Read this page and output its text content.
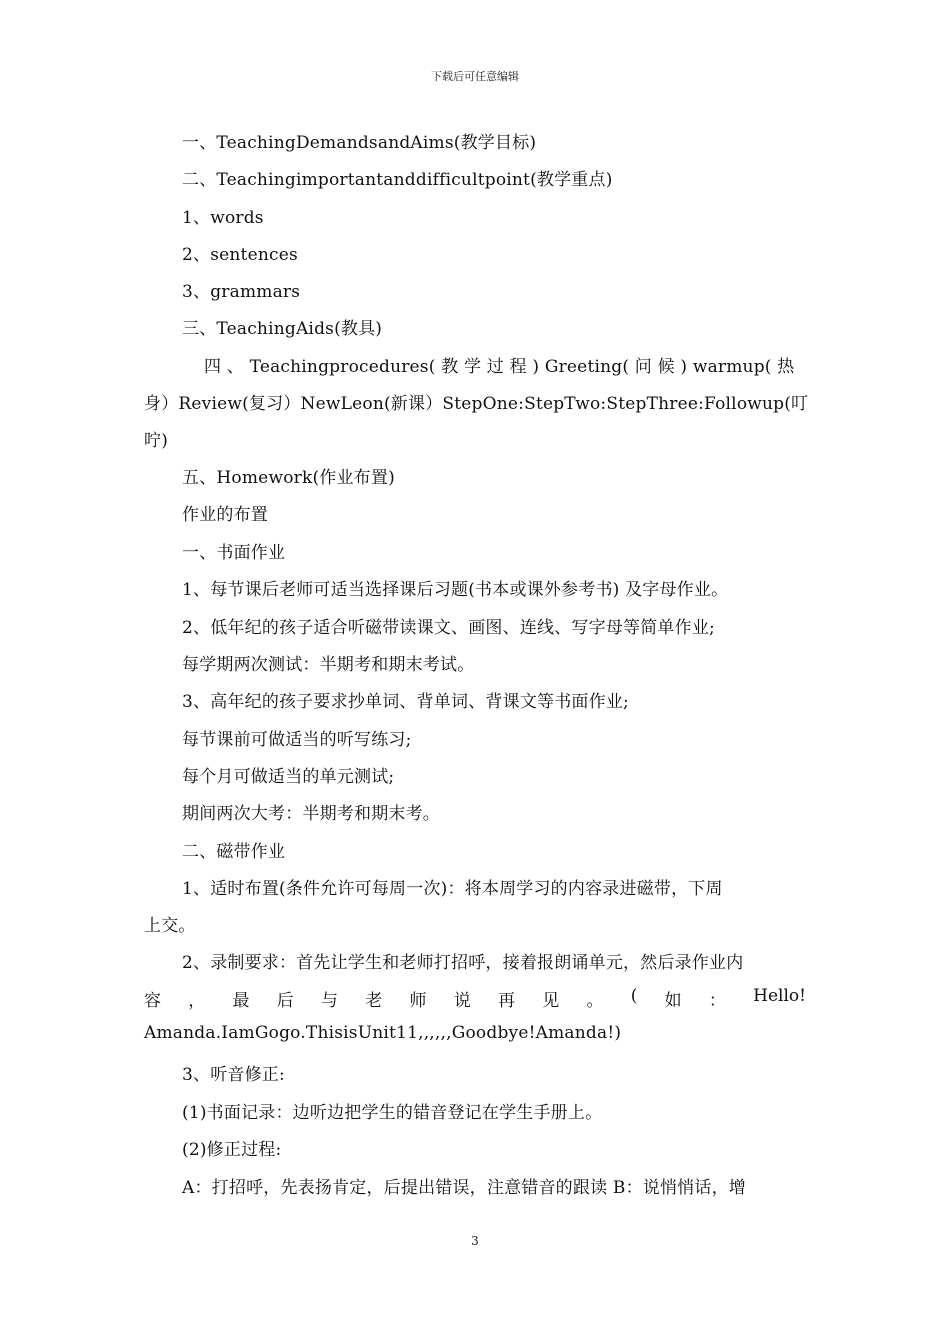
下载后可任意编辑
一、TeachingDemandsandAims(教学目标)
二、Teachingimportantanddifficultpoint(教学重点)
1、words
2、sentences
3、grammars
三、TeachingAids(教具)
四 、 Teachingprocedures( 教 学 过 程 ) Greeting( 问 候 ) warmup( 热
身）Review(复习）NewLeon(新课）StepOne:StepTwo:StepThree:Followup(叮
咛)
五、Homework(作业布置)
作业的布置
一、书面作业
1、每节课后老师可适当选择课后习题(书本或课外参考书) 及字母作业。
2、低年纪的孩子适合听磁带读课文、画图、连线、写字母等简单作业;
每学期两次测试：半期考和期末考试。
3、高年纪的孩子要求抄单词、背单词、背课文等书面作业;
每节课前可做适当的听写练习;
每个月可做适当的单元测试;
期间两次大考：半期考和期末考。
二、磁带作业
1、适时布置(条件允许可每周一次)：将本周学习的内容录进磁带，下周
上交。
2、录制要求：首先让学生和老师打招呼，接着报朗诵单元，然后录作业内
容 ， 最 后 与 老 师 说 再 见 。 ( 如 ： Hello!
Amanda.IamGogo.ThisisUnit11,,,,,,Goodbye!Amanda!)
3、听音修正:
(1)书面记录：边听边把学生的错音登记在学生手册上。
(2)修正过程:
A：打招呼，先表扬肯定，后提出错误，注意错音的跟读 B：说悄悄话，增
3
